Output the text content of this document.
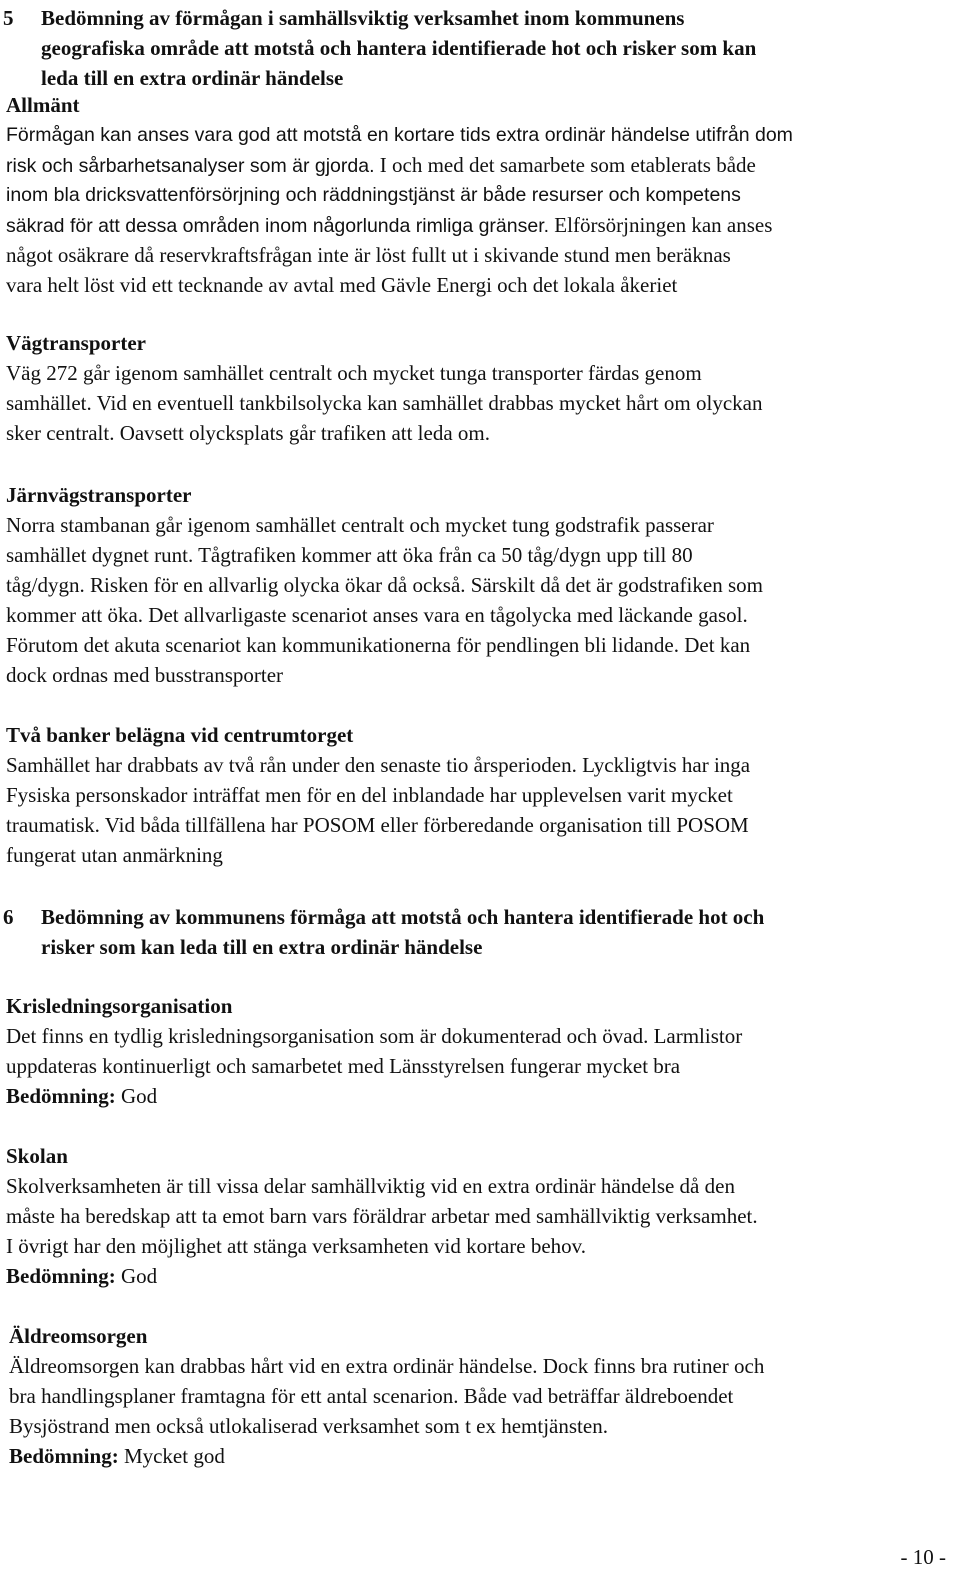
5 Bedömning av förmågan i samhällsviktig verksamhet inom kommunens
geografiska område att motstå och hantera identifierade hot och risker som kan
leda till en extra ordinär händelse
Allmänt
Förmågan kan anses vara god att motstå en kortare tids extra ordinär händelse utifrån dom
risk och sårbarhetsanalyser som är gjorda. I och med det samarbete som etablerats både
inom bla dricksvattenförsörjning och räddningstjänst är både resurser och kompetens
säkrad för att dessa områden inom någorlunda rimliga gränser. Elförsörjningen kan anses
något osäkrare då reservkraftsfrågan inte är löst fullt ut i skivande stund men beräknas
vara helt löst vid ett tecknande av avtal med Gävle Energi och det lokala åkeriet
Vägtransporter
Väg 272 går igenom samhället centralt och mycket tunga transporter färdas genom
samhället. Vid en eventuell tankbilsolycka kan samhället drabbas mycket hårt om olyckan
sker centralt. Oavsett olycksplats går trafiken att leda om.
Järnvägstransporter
Norra stambanan går igenom samhället centralt och mycket tung godstrafik passerar
samhället dygnet runt. Tågtrafiken kommer att öka från ca 50 tåg/dygn upp till 80
tåg/dygn. Risken för en allvarlig olycka ökar då också. Särskilt då det är godstrafiken som
kommer att öka. Det allvarligaste scenariot anses vara en tågolycka med läckande gasol.
Förutom det akuta scenariot kan kommunikationerna för pendlingen bli lidande. Det kan
dock ordnas med busstransporter
Två banker belägna vid centrumtorget
Samhället har drabbats av två rån under den senaste tio årsperioden. Lyckligtvis har inga
Fysiska personskador inträffat men för en del inblandade har upplevelsen varit mycket
traumatisk. Vid båda tillfällena har POSOM eller förberedande organisation till POSOM
fungerat utan anmärkning
6 Bedömning av kommunens förmåga att motstå och hantera identifierade hot och
risker som kan leda till en extra ordinär händelse
Krisledningsorganisation
Det finns en tydlig krisledningsorganisation som är dokumenterad och övad. Larmlistor
uppdateras kontinuerligt och samarbetet med Länsstyrelsen fungerar mycket bra
Bedömning: God
Skolan
Skolverksamheten är till vissa delar samhällviktig vid en extra ordinär händelse då den
måste ha beredskap att ta emot barn vars föräldrar arbetar med samhällviktig verksamhet.
I övrigt har den möjlighet att stänga verksamheten vid kortare behov.
Bedömning: God
Äldreomsorgen
Äldreomsorgen kan drabbas hårt vid en extra ordinär händelse. Dock finns bra rutiner och
bra handlingsplaner framtagna för ett antal scenarion. Både vad beträffar äldreboendet
Bysjöstrand men också utlokaliserad verksamhet som t ex hemtjänsten.
Bedömning: Mycket god
- 10 -
